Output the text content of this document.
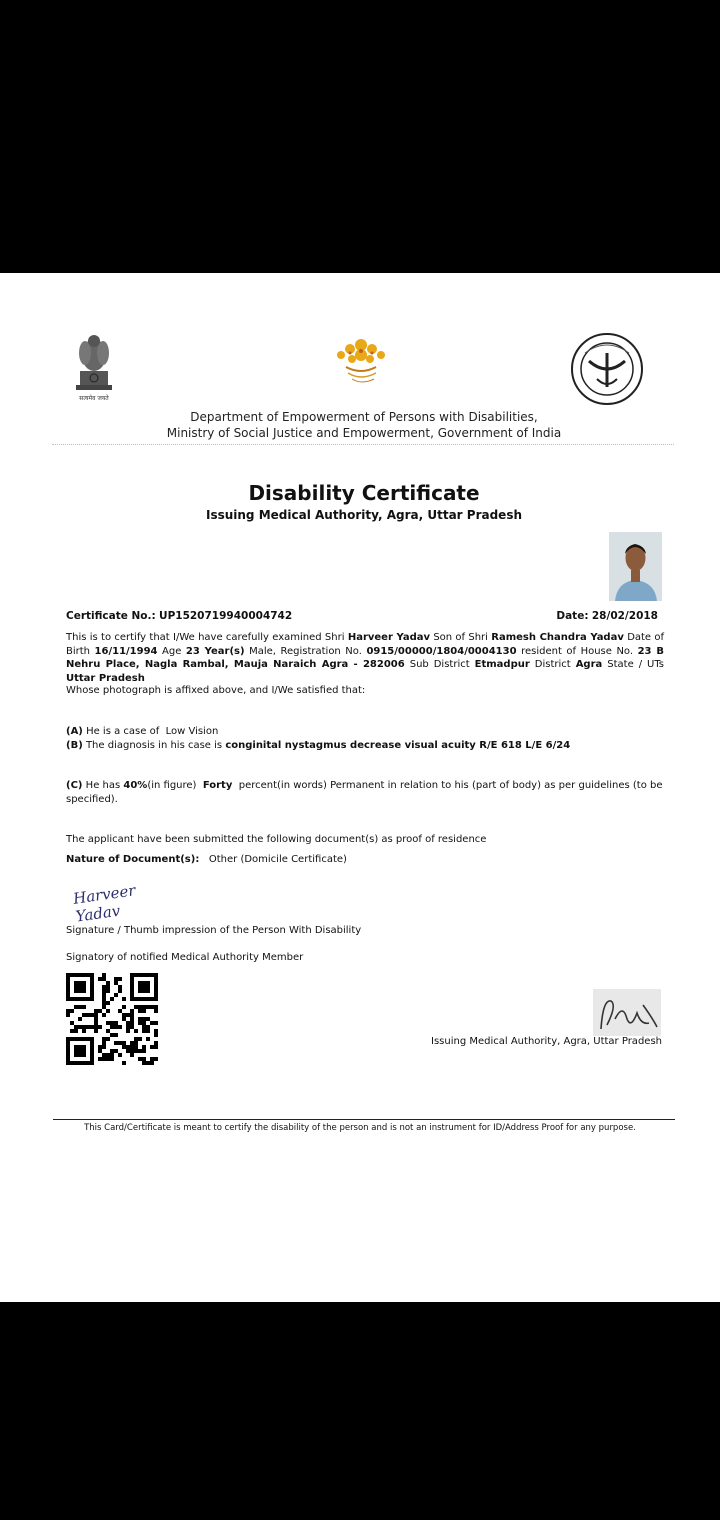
सत्यमेव जयते
Department of Empowerment of Persons with Disabilities,
Ministry of Social Justice and Empowerment, Government of India
Disability Certificate
Issuing Medical Authority, Agra, Uttar Pradesh
Certificate No.: UP1520719940004742	Date: 28/02/2018
This is to certify that I/We have carefully examined Shri Harveer Yadav Son of Shri Ramesh Chandra Yadav Date of Birth 16/11/1994 Age 23 Year(s) Male, Registration No. 0915/00000/1804/0004130 resident of House No. 23 B Nehru Place, Nagla Rambal, Mauja Naraich Agra - 282006 Sub District Etmadpur District Agra State / UTs Uttar Pradesh
Whose photograph is affixed above, and I/We satisfied that:
(A) He is a case of Low Vision
(B) The diagnosis in his case is conginital nystagmus decrease visual acuity R/E 618 L/E 6/24
(C) He has 40%(in figure) Forty percent(in words) Permanent in relation to his (part of body) as per guidelines (to be specified).
The applicant have been submitted the following document(s) as proof of residence
Nature of Document(s): Other (Domicile Certificate)
Harveer Yadav
Signature / Thumb impression of the Person With Disability
Signatory of notified Medical Authority Member
Issuing Medical Authority, Agra, Uttar Pradesh
This Card/Certificate is meant to certify the disability of the person and is not an instrument for ID/Address Proof for any purpose.
